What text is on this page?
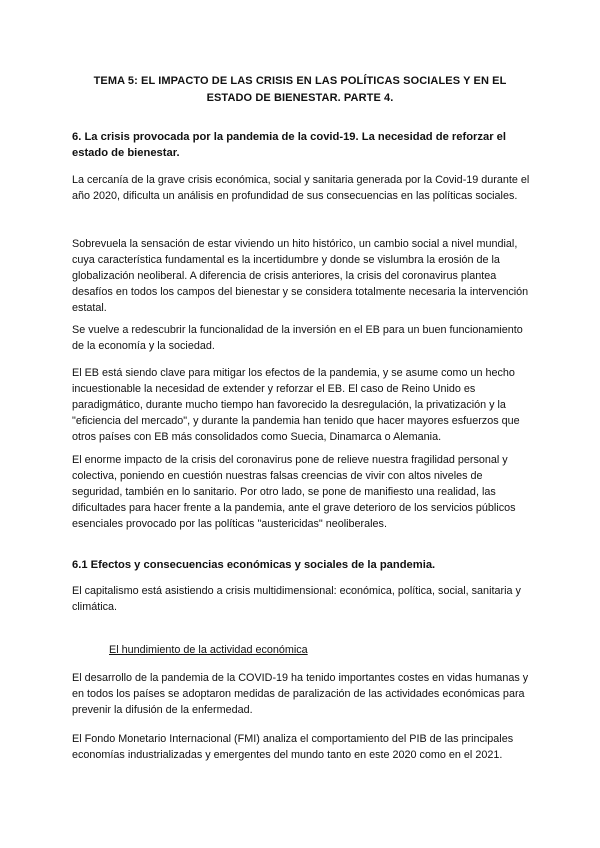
TEMA 5: EL IMPACTO DE LAS CRISIS EN LAS POLÍTICAS SOCIALES Y EN EL ESTADO DE BIENESTAR. PARTE 4.
6. La crisis provocada por la pandemia de la covid-19. La necesidad de reforzar el estado de bienestar.

La cercanía de la grave crisis económica, social y sanitaria generada por la Covid-19 durante el año 2020, dificulta un análisis en profundidad de sus consecuencias en las políticas sociales.

Sobrevuela la sensación de estar viviendo un hito histórico, un cambio social a nivel mundial, cuya característica fundamental es la incertidumbre y donde se vislumbra la erosión de la globalización neoliberal. A diferencia de crisis anteriores, la crisis del coronavirus plantea desafíos en todos los campos del bienestar y se considera totalmente necesaria la intervención estatal.

Se vuelve a redescubrir la funcionalidad de la inversión en el EB para un buen funcionamiento de la economía y la sociedad.

El EB está siendo clave para mitigar los efectos de la pandemia, y se asume como un hecho incuestionable la necesidad de extender y reforzar el EB. El caso de Reino Unido es paradigmático, durante mucho tiempo han favorecido la desregulación, la privatización y la "eficiencia del mercado", y durante la pandemia han tenido que hacer mayores esfuerzos que otros países con EB más consolidados como Suecia, Dinamarca o Alemania.

El enorme impacto de la crisis del coronavirus pone de relieve nuestra fragilidad personal y colectiva, poniendo en cuestión nuestras falsas creencias de vivir con altos niveles de seguridad, también en lo sanitario. Por otro lado, se pone de manifiesto una realidad, las dificultades para hacer frente a la pandemia, ante el grave deterioro de los servicios públicos esenciales provocado por las políticas "austericidas" neoliberales.

6.1 Efectos y consecuencias económicas y sociales de la pandemia.

El capitalismo está asistiendo a crisis multidimensional: económica, política, social, sanitaria y climática.

El hundimiento de la actividad económica

El desarrollo de la pandemia de la COVID-19 ha tenido importantes costes en vidas humanas y en todos los países se adoptaron medidas de paralización de las actividades económicas para prevenir la difusión de la enfermedad.

El Fondo Monetario Internacional (FMI) analiza el comportamiento del PIB de las principales economías industrializadas y emergentes del mundo tanto en este 2020 como en el 2021.
